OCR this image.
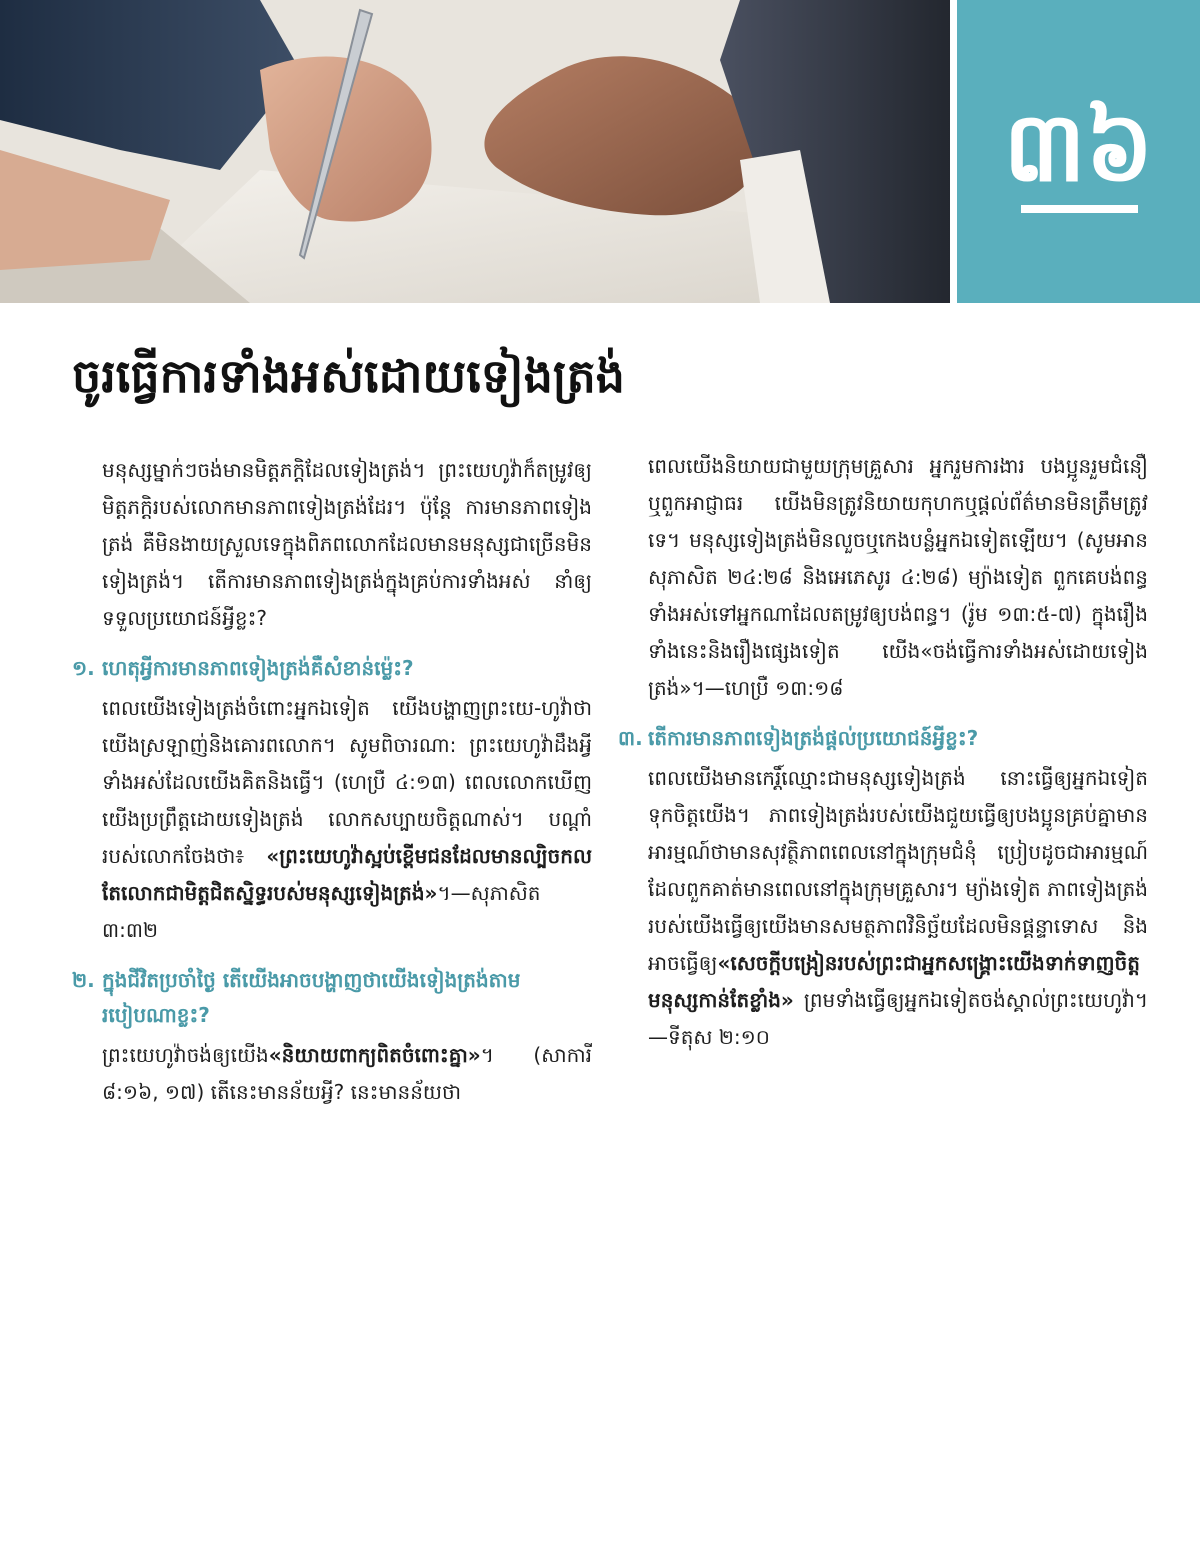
៣៦
ចូរធ្វើការទាំងអស់ដោយទៀងត្រង់

មនុស្សម្នាក់ៗចង់មានមិត្តភក្ដិដែលទៀងត្រង់។ ព្រះយេហូវ៉ាក៏តម្រូវឲ្យមិត្តភក្ដិរបស់លោកមានភាពទៀងត្រង់ដែរ។ ប៉ុន្តែ ការមានភាពទៀងត្រង់ គឺមិនងាយស្រួលទេក្នុងពិភពលោកដែលមានមនុស្សជាច្រើនមិនទៀងត្រង់។ តើការមានភាពទៀងត្រង់ក្នុងគ្រប់ការទាំងអស់ នាំឲ្យទទួលប្រយោជន៍អ្វីខ្លះ?

១. ហេតុអ្វីការមានភាពទៀងត្រង់គឺសំខាន់ម្ល៉េះ?

ពេលយើងទៀងត្រង់ចំពោះអ្នកឯទៀត យើងបង្ហាញព្រះយេ-ហូវ៉ាថាយើងស្រឡាញ់និងគោរពលោក។ សូមពិចារណា: ព្រះយេហូវ៉ាដឹងអ្វីទាំងអស់ដែលយើងគិតនិងធ្វើ។ (ហេប្រឺ ៤:១៣) ពេលលោកឃើញយើងប្រព្រឹត្តដោយទៀងត្រង់ លោកសប្បាយចិត្តណាស់។ បណ្ដាំរបស់លោកចែងថា៖ «ព្រះយេហូវ៉ាស្អប់ខ្ពើមជនដែលមានល្បិចកល តែលោកជាមិត្តជិតស្និទ្ធរបស់មនុស្សទៀងត្រង់»។—សុភាសិត ៣:៣២

២. ក្នុងជីវិតប្រចាំថ្ងៃ តើយើងអាចបង្ហាញថាយើងទៀងត្រង់តាមរបៀបណាខ្លះ?

ព្រះយេហូវ៉ាចង់ឲ្យយើង«និយាយពាក្យពិតចំពោះគ្នា»។ (សាការី ៨:១៦, ១៧) តើនេះមានន័យអ្វី? នេះមានន័យថា

ពេលយើងនិយាយជាមួយក្រុមគ្រួសារ អ្នករួមការងារ បងប្អូនរួមជំនឿ ឬពួកអាជ្ញាធរ យើងមិនត្រូវនិយាយកុហកឬផ្ដល់ព័ត៌មានមិនត្រឹមត្រូវទេ។ មនុស្សទៀងត្រង់មិនលួចឬកេងបន្លំអ្នកឯទៀតឡើយ។ (សូមអាន សុភាសិត ២៤:២៨ និងអេភេសូរ ៤:២៨) ម្យ៉ាងទៀត ពួកគេបង់ពន្ធទាំងអស់ទៅអ្នកណាដែលតម្រូវឲ្យបង់ពន្ធ។ (រ៉ូម ១៣:៥-៧) ក្នុងរឿងទាំងនេះនិងរឿងផ្សេងទៀត យើង«ចង់ធ្វើការទាំងអស់ដោយទៀងត្រង់»។—ហេប្រឺ ១៣:១៨

៣. តើការមានភាពទៀងត្រង់ផ្ដល់ប្រយោជន៍អ្វីខ្លះ?

ពេលយើងមានកេរ្តិ៍ឈ្មោះជាមនុស្សទៀងត្រង់ នោះធ្វើឲ្យអ្នកឯទៀតទុកចិត្តយើង។ ភាពទៀងត្រង់របស់យើងជួយធ្វើឲ្យបងប្អូនគ្រប់គ្នាមានអារម្មណ៍ថាមានសុវត្ថិភាពពេលនៅក្នុងក្រុមជំនុំ ប្រៀបដូចជាអារម្មណ៍ដែលពួកគាត់មានពេលនៅក្នុងក្រុមគ្រួសារ។ ម្យ៉ាងទៀត ភាពទៀងត្រង់របស់យើងធ្វើឲ្យយើងមានសមត្ថភាពវិនិច្ឆ័យដែលមិនផ្គន្ទាទោស និងអាចធ្វើឲ្យ«សេចក្ដីបង្រៀនរបស់ព្រះជាអ្នកសង្គ្រោះយើងទាក់ទាញចិត្តមនុស្សកាន់តែខ្លាំង» ព្រមទាំងធ្វើឲ្យអ្នកឯទៀតចង់ស្គាល់ព្រះយេហូវ៉ា។—ទីតុស ២:១០
